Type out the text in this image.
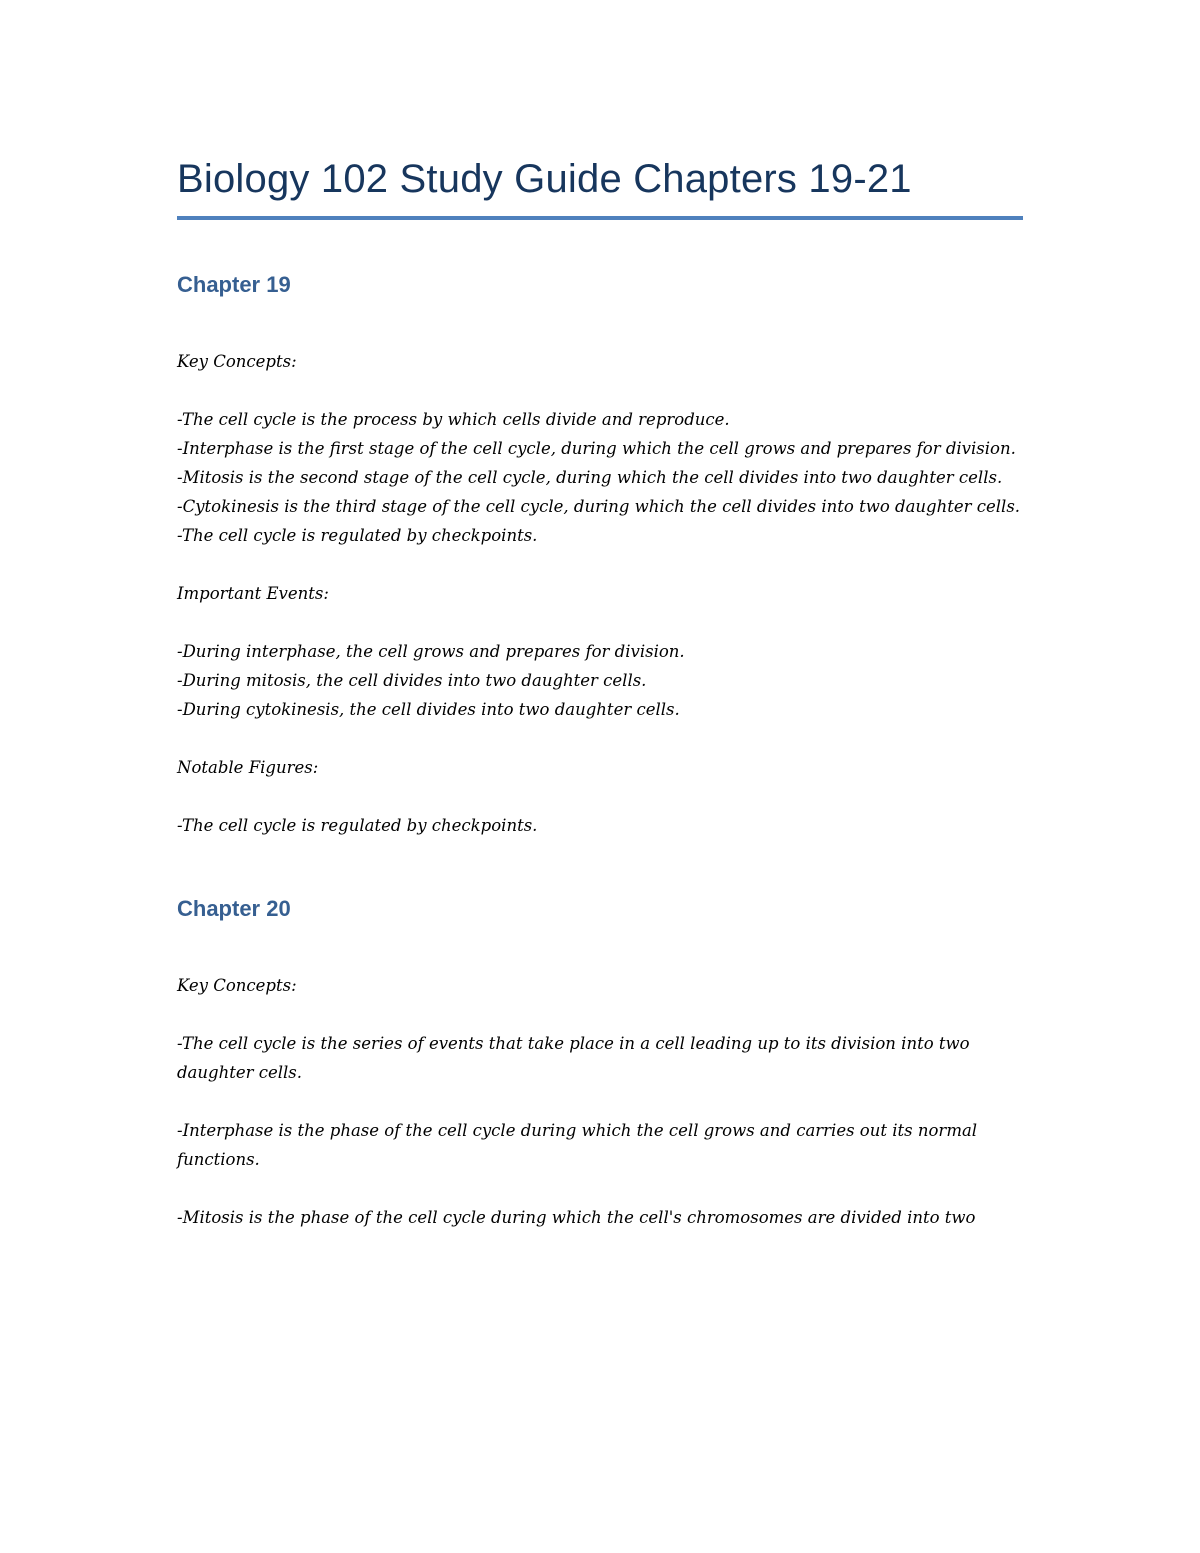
Biology 102 Study Guide Chapters 19-21
Chapter 19

Key Concepts:

-The cell cycle is the process by which cells divide and reproduce.
-Interphase is the first stage of the cell cycle, during which the cell grows and prepares for division.
-Mitosis is the second stage of the cell cycle, during which the cell divides into two daughter cells.
-Cytokinesis is the third stage of the cell cycle, during which the cell divides into two daughter cells.
-The cell cycle is regulated by checkpoints.

Important Events:

-During interphase, the cell grows and prepares for division.
-During mitosis, the cell divides into two daughter cells.
-During cytokinesis, the cell divides into two daughter cells.

Notable Figures:

-The cell cycle is regulated by checkpoints.
Chapter 20

Key Concepts:

-The cell cycle is the series of events that take place in a cell leading up to its division into two daughter cells.

-Interphase is the phase of the cell cycle during which the cell grows and carries out its normal functions.

-Mitosis is the phase of the cell cycle during which the cell's chromosomes are divided into two
